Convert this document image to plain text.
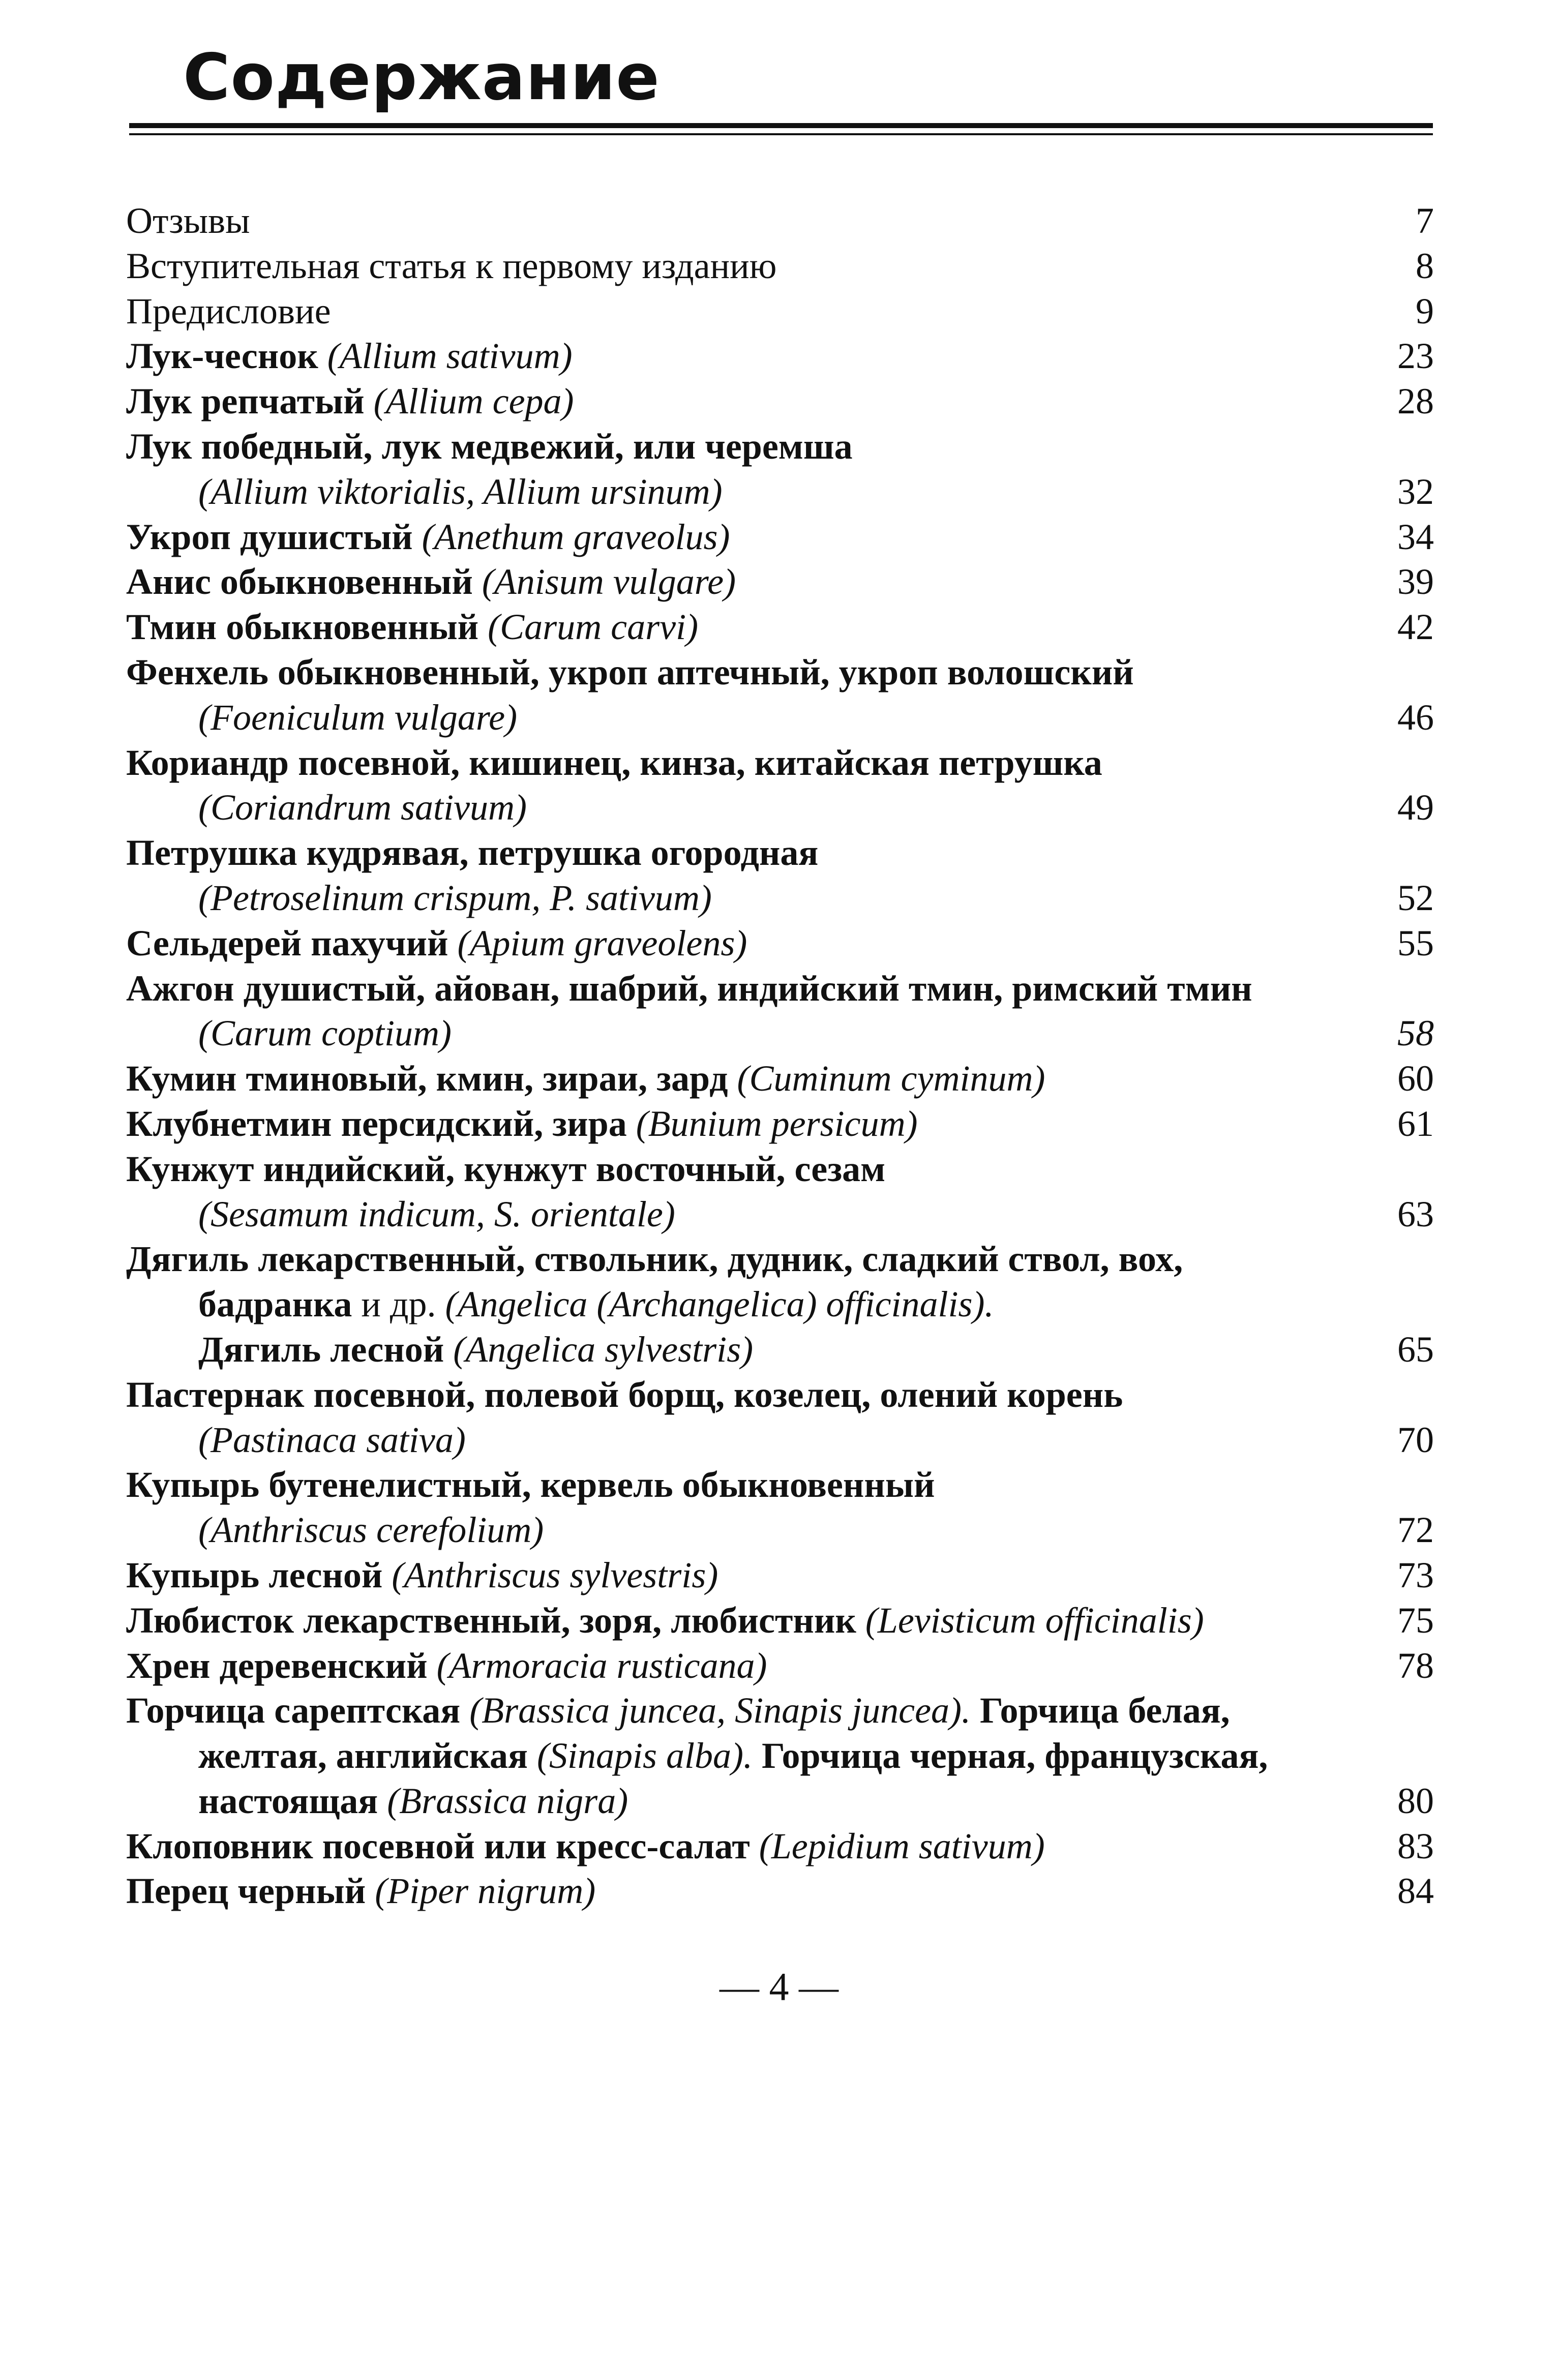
Содержание
Отзывы	7
Вступительная статья к первому изданию	8
Предисловие	9
Лук-чеснок (Allium sativum)	23
Лук репчатый (Allium cepa)	28
Лук победный, лук медвежий, или черемша
(Allium viktorialis, Allium ursinum)	32
Укроп душистый (Anethum graveolus)	34
Анис обыкновенный (Anisum vulgare)	39
Тмин обыкновенный (Carum carvi)	42
Фенхель обыкновенный, укроп аптечный, укроп волошский
(Foeniculum vulgare)	46
Кориандр посевной, кишинец, кинза, китайская петрушка
(Coriandrum sativum)	49
Петрушка кудрявая, петрушка огородная
(Petroselinum crispum, P. sativum)	52
Сельдерей пахучий (Apium graveolens)	55
Ажгон душистый, айован, шабрий, индийский тмин, римский тмин
(Carum coptium)	58
Кумин тминовый, кмин, зираи, зард (Cuminum cyminum)	60
Клубнетмин персидский, зира (Bunium persicum)	61
Кунжут индийский, кунжут восточный, сезам
(Sesamum indicum, S. orientale)	63
Дягиль лекарственный, ствольник, дудник, сладкий ствол, вох,
бадранка и др. (Angelica (Archangelica) officinalis).
Дягиль лесной (Angelica sylvestris)	65
Пастернак посевной, полевой борщ, козелец, олений корень
(Pastinaca sativa)	70
Купырь бутенелистный, кервель обыкновенный
(Anthriscus cerefolium)	72
Купырь лесной (Anthriscus sylvestris)	73
Любисток лекарственный, зоря, любистник (Levisticum officinalis)	75
Хрен деревенский (Armoracia rusticana)	78
Горчица сарептская (Brassica juncea, Sinapis juncea). Горчица белая,
желтая, английская (Sinapis alba). Горчица черная, французская,
настоящая (Brassica nigra)	80
Клоповник посевной или кресс-салат (Lepidium sativum)	83
Перец черный (Piper nigrum)	84
— 4 —
